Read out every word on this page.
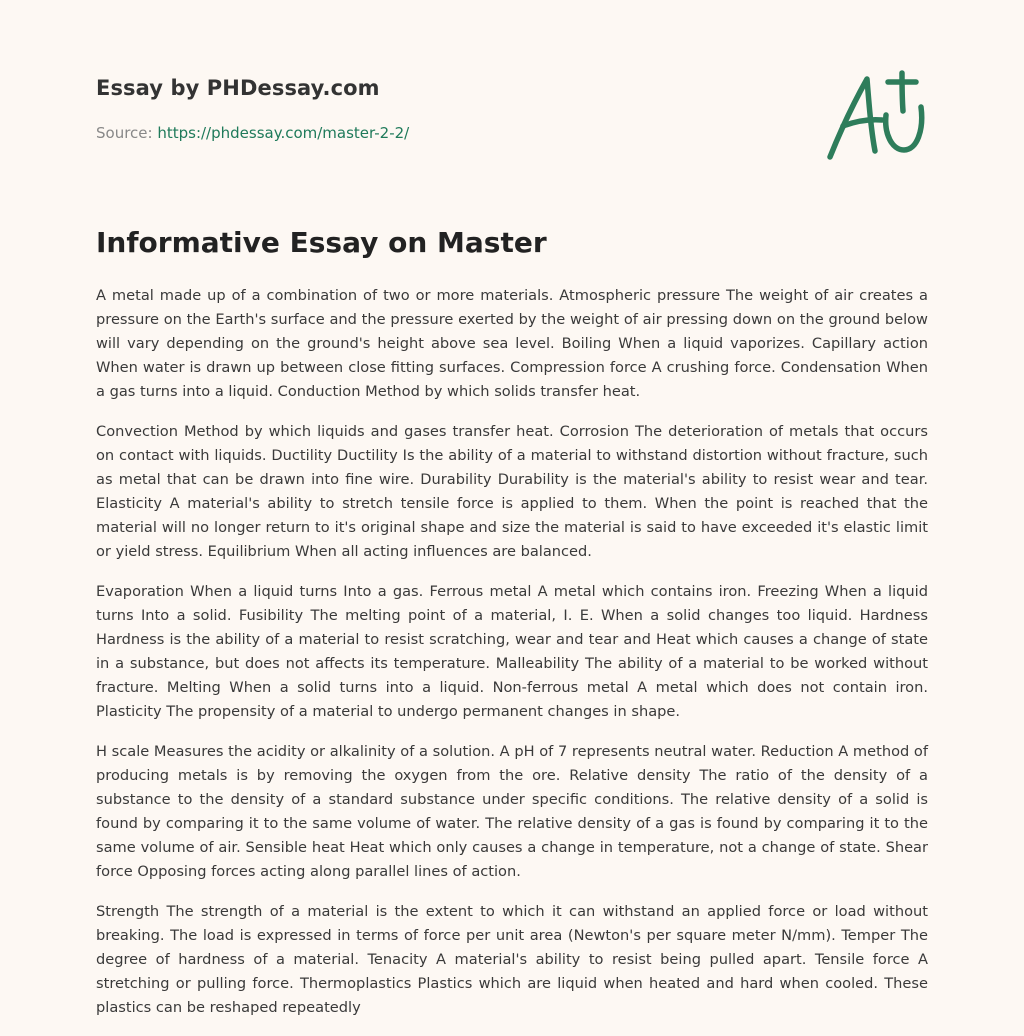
Essay by PHDessay.com
Source: https://phdessay.com/master-2-2/
Informative Essay on Master

A metal made up of a combination of two or more materials. Atmospheric pressure The weight of air creates a pressure on the Earth's surface and the pressure exerted by the weight of air pressing down on the ground below will vary depending on the ground's height above sea level. Boiling When a liquid vaporizes. Capillary action When water is drawn up between close fitting surfaces. Compression force A crushing force. Condensation When a gas turns into a liquid. Conduction Method by which solids transfer heat.

Convection Method by which liquids and gases transfer heat. Corrosion The deterioration of metals that occurs on contact with liquids. Ductility Ductility Is the ability of a material to withstand distortion without fracture, such as metal that can be drawn into fine wire. Durability Durability is the material's ability to resist wear and tear. Elasticity A material's ability to stretch tensile force is applied to them. When the point is reached that the material will no longer return to it's original shape and size the material is said to have exceeded it's elastic limit or yield stress. Equilibrium When all acting influences are balanced.

Evaporation When a liquid turns Into a gas. Ferrous metal A metal which contains iron. Freezing When a liquid turns Into a solid. Fusibility The melting point of a material, I. E. When a solid changes too liquid. Hardness Hardness is the ability of a material to resist scratching, wear and tear and Heat which causes a change of state in a substance, but does not affects its temperature. Malleability The ability of a material to be worked without fracture. Melting When a solid turns into a liquid. Non-ferrous metal A metal which does not contain iron. Plasticity The propensity of a material to undergo permanent changes in shape.

H scale Measures the acidity or alkalinity of a solution. A pH of 7 represents neutral water. Reduction A method of producing metals is by removing the oxygen from the ore. Relative density The ratio of the density of a substance to the density of a standard substance under specific conditions. The relative density of a solid is found by comparing it to the same volume of water. The relative density of a gas is found by comparing it to the same volume of air. Sensible heat Heat which only causes a change in temperature, not a change of state. Shear force Opposing forces acting along parallel lines of action.

Strength The strength of a material is the extent to which it can withstand an applied force or load without breaking. The load is expressed in terms of force per unit area (Newton's per square meter N/mm). Temper The degree of hardness of a material. Tenacity A material's ability to resist being pulled apart. Tensile force A stretching or pulling force. Thermoplastics Plastics which are liquid when heated and hard when cooled. These plastics can be reshaped repeatedly
